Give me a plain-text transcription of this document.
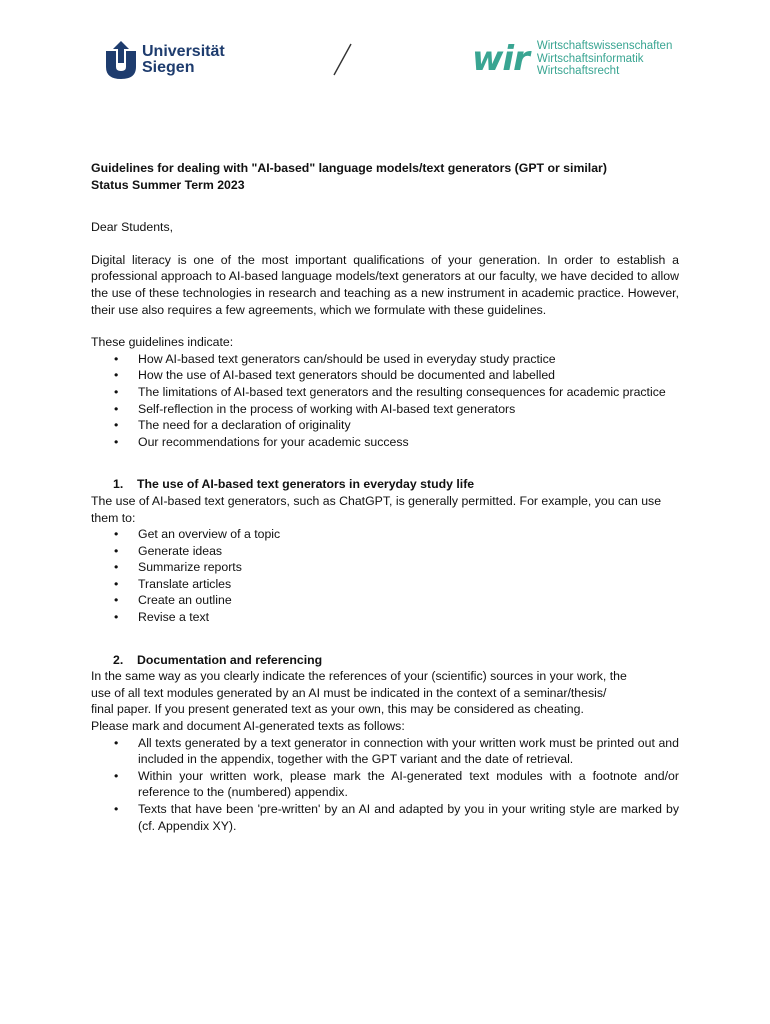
Universität
Siegen	wir Wirtschaftswissenschaften
Wirtschaftsinformatik
Wirtschaftsrecht

Guidelines for dealing with "AI-based" language models/text generators (GPT or similar)

Status Summer Term 2023

Dear Students,

Digital literacy is one of the most important qualifications of your generation. In order to establish a professional approach to AI-based language models/text generators at our faculty, we have decided to allow the use of these technologies in research and teaching as a new instrument in academic practice. However, their use also requires a few agreements, which we formulate with these guidelines.

These guidelines indicate:

• How AI-based text generators can/should be used in everyday study practice
• How the use of AI-based text generators should be documented and labelled
• The limitations of AI-based text generators and the resulting consequences for academic practice
• Self-reflection in the process of working with AI-based text generators
• The need for a declaration of originality
• Our recommendations for your academic success
1. The use of AI-based text generators in everyday study life

The use of AI-based text generators, such as ChatGPT, is generally permitted. For example, you can use them to:

• Get an overview of a topic
• Generate ideas
• Summarize reports
• Translate articles
• Create an outline
• Revise a text
2. Documentation and referencing

In the same way as you clearly indicate the references of your (scientific) sources in your work, the

use of all text modules generated by an AI must be indicated in the context of a seminar/thesis/

final paper. If you present generated text as your own, this may be considered as cheating.

Please mark and document AI-generated texts as follows:

• All texts generated by a text generator in connection with your written work must be printed out and included in the appendix, together with the GPT variant and the date of retrieval.
• Within your written work, please mark the AI-generated text modules with a footnote and/or reference to the (numbered) appendix.
• Texts that have been 'pre-written' by an AI and adapted by you in your writing style are marked by (cf. Appendix XY).
